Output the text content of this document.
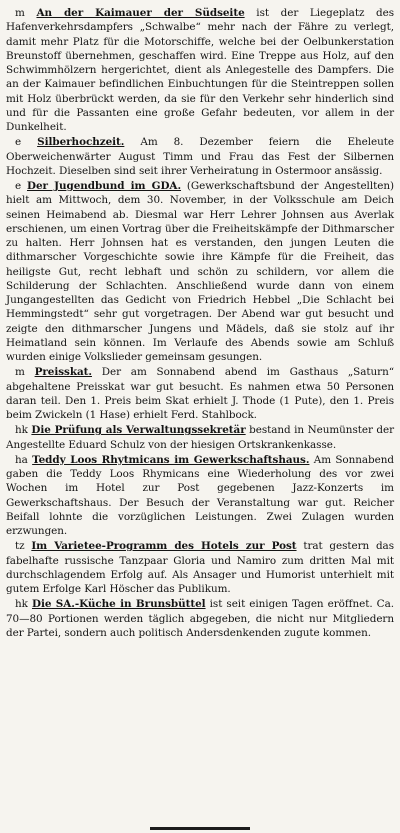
m An der Kaimauer der Südseite ist der Liegeplatz des Hafenverkehrsdampfers „Schwalbe“ mehr nach der Fähre zu verlegt, damit mehr Platz für die Motorschiffe, welche bei der Oelbunkerstation Breunstoff übernehmen, geschaffen wird. Eine Treppe aus Holz, auf den Schwimmhölzern hergerichtet, dient als Anlegestelle des Dampfers. Die an der Kaimauer befindlichen Einbuchtungen für die Steintreppen sollen mit Holz überbrückt werden, da sie für den Verkehr sehr hinderlich sind und für die Passanten eine große Gefahr bedeuten, vor allem in der Dunkelheit.

e Silberhochzeit. Am 8. Dezember feiern die Eheleute Oberweichenwärter August Timm und Frau das Fest der Silbernen Hochzeit. Dieselben sind seit ihrer Verheiratung in Ostermoor ansässig.

e Der Jugendbund im GDA. (Gewerkschaftsbund der Angestellten) hielt am Mittwoch, dem 30. November, in der Volksschule am Deich seinen Heimabend ab. Diesmal war Herr Lehrer Johnsen aus Averlak erschienen, um einen Vortrag über die Freiheitskämpfe der Dithmarscher zu halten. Herr Johnsen hat es verstanden, den jungen Leuten die dithmarscher Vorgeschichte sowie ihre Kämpfe für die Freiheit, das heiligste Gut, recht lebhaft und schön zu schildern, vor allem die Schilderung der Schlachten. Anschließend wurde dann von einem Jungangestellten das Gedicht von Friedrich Hebbel „Die Schlacht bei Hemmingstedt“ sehr gut vorgetragen. Der Abend war gut besucht und zeigte den dithmarscher Jungens und Mädels, daß sie stolz auf ihr Heimatland sein können. Im Verlaufe des Abends sowie am Schluß wurden einige Volkslieder gemeinsam gesungen.

m Preisskat. Der am Sonnabend abend im Gasthaus „Saturn“ abgehaltene Preisskat war gut besucht. Es nahmen etwa 50 Personen daran teil. Den 1. Preis beim Skat erhielt J. Thode (1 Pute), den 1. Preis beim Zwickeln (1 Hase) erhielt Ferd. Stahlbock.

hk Die Prüfung als Verwaltungssekretär bestand in Neumünster der Angestellte Eduard Schulz von der hiesigen Ortskrankenkasse.

ha Teddy Loos Rhytmicans im Gewerkschaftshaus. Am Sonnabend gaben die Teddy Loos Rhymicans eine Wiederholung des vor zwei Wochen im Hotel zur Post gegebenen Jazz-Konzerts im Gewerkschaftshaus. Der Besuch der Veranstaltung war gut. Reicher Beifall lohnte die vorzüglichen Leistungen. Zwei Zulagen wurden erzwungen.

tz Im Varietee-Programm des Hotels zur Post trat gestern das fabelhafte russische Tanzpaar Gloria und Namiro zum dritten Mal mit durchschlagendem Erfolg auf. Als Ansager und Humorist unterhielt mit gutem Erfolge Karl Höscher das Publikum.

hk Die SA.-Küche in Brunsbüttel ist seit einigen Tagen eröffnet. Ca. 70—80 Portionen werden täglich abgegeben, die nicht nur Mitgliedern der Partei, sondern auch politisch Andersdenkenden zugute kommen.
